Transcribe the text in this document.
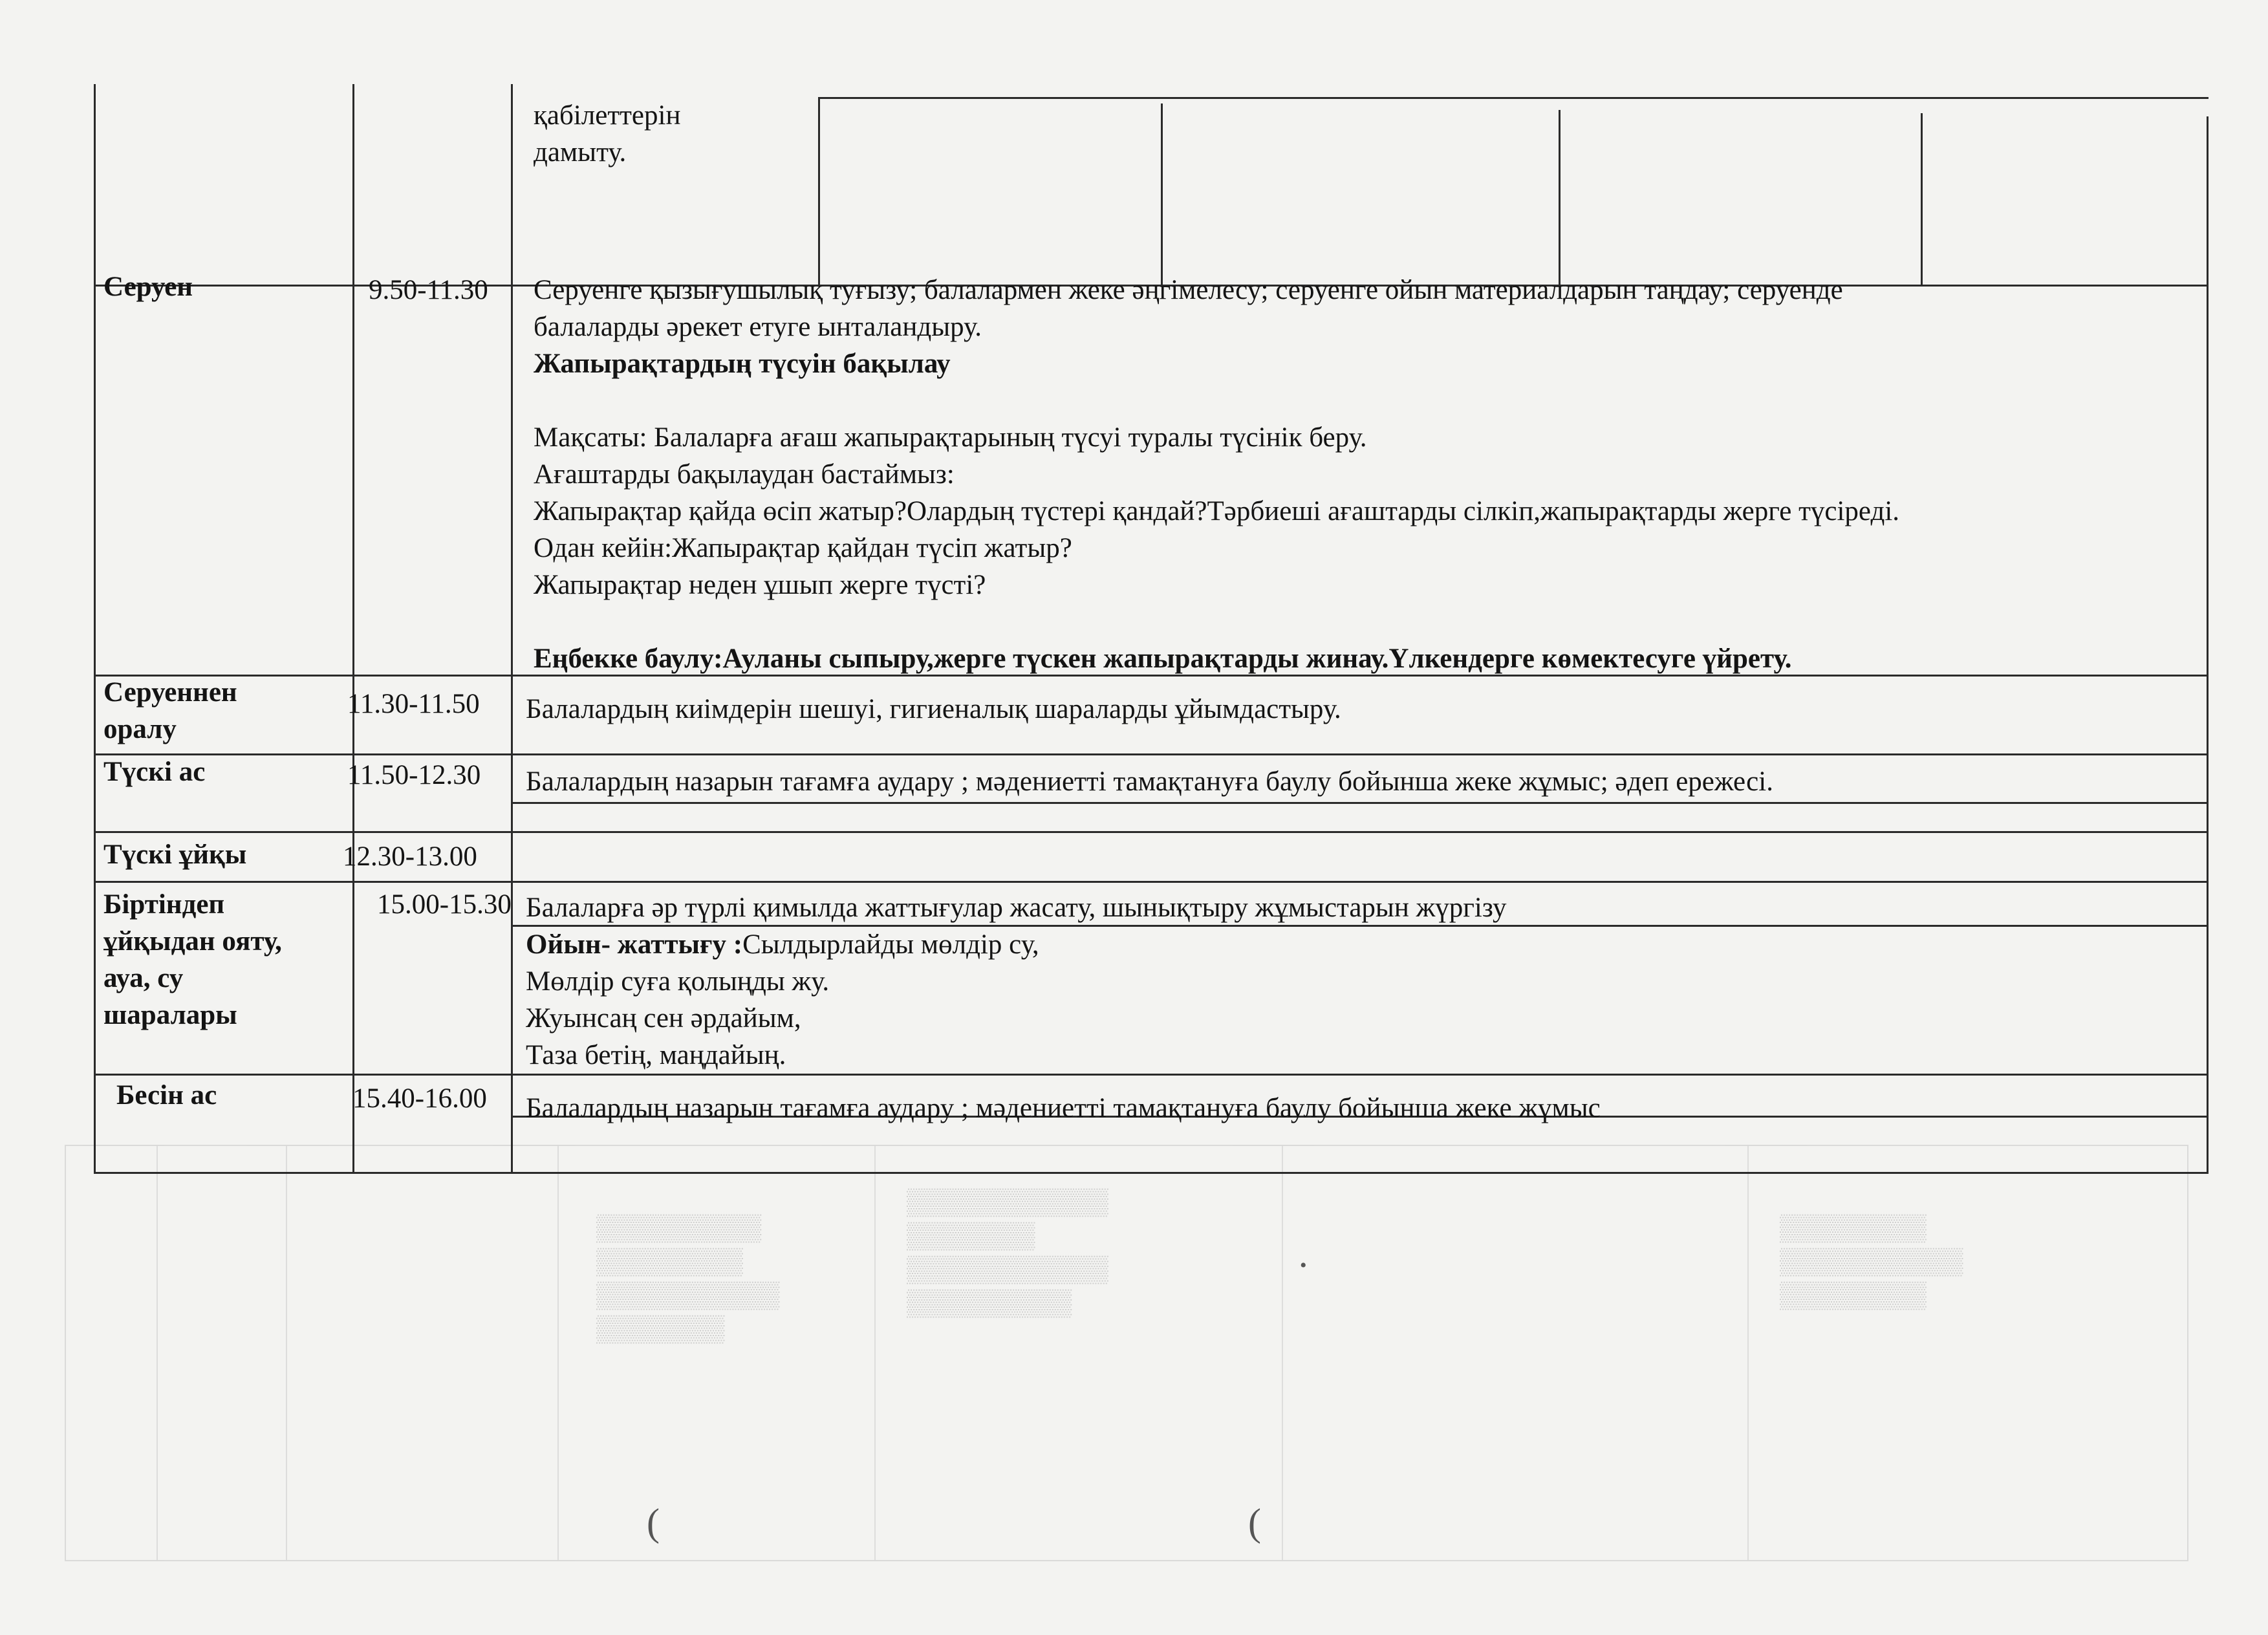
▒▒▒▒▒▒▒▒▒
▒▒▒▒▒▒▒▒
▒▒▒▒▒▒▒▒▒▒
▒▒▒▒▒▒▒
▒▒▒▒▒▒▒▒▒▒▒
▒▒▒▒▒▒▒
▒▒▒▒▒▒▒▒▒▒▒
▒▒▒▒▒▒▒▒▒
▒▒▒▒▒▒▒▒
▒▒▒▒▒▒▒▒▒▒
▒▒▒▒▒▒▒▒
қабілеттерін
дамыту.
Серуен	9.50-11.30 Серуенге қызығушылық туғызу; балалармен жеке әңгімелесу; серуенге ойын материалдарын таңдау; серуенде
балаларды әрекет етуге ынталандыру.
Жапырақтардың түсуін бақылау
Мақсаты: Балаларға ағаш жапырақтарының түсуі туралы түсінік беру.
Ағаштарды бақылаудан бастаймыз:
Жапырақтар қайда өсіп жатыр?Олардың түстері қандай?Тәрбиеші ағаштарды сілкіп,жапырақтарды жерге түсіреді.
Одан кейін:Жапырақтар қайдан түсіп жатыр?
Жапырақтар неден ұшып жерге түсті?
Еңбекке баулу:Ауланы сыпыру,жерге түскен жапырақтарды жинау.Үлкендерге көмектесуге үйрету.
Серуеннен
оралу
11.30-11.50 Балалардың киімдерін шешуі, гигиеналық шараларды ұйымдастыру.
Түскі ас	11.50-12.30 Балалардың назарын тағамға аудару ; мәдениетті тамақтануға баулу бойынша жеке жұмыс; әдеп ережесі.
Түскі ұйқы	12.30-13.00
Біртіндеп
ұйқыдан ояту,
ауа, су
шаралары
15.00-15.30 Балаларға әр түрлі қимылда жаттығулар жасату, шынықтыру жұмыстарын жүргізу
Ойын- жаттығу :Сылдырлайды мөлдір су,
Мөлдір суға қолыңды жу.
Жуынсаң сен әрдайым,
Таза бетің, маңдайың.
Бесін ас	15.40-16.00 Балалардың назарын тағамға аудару ; мәдениетті тамақтануға баулу бойынша жеке жұмыс
(	(
•
